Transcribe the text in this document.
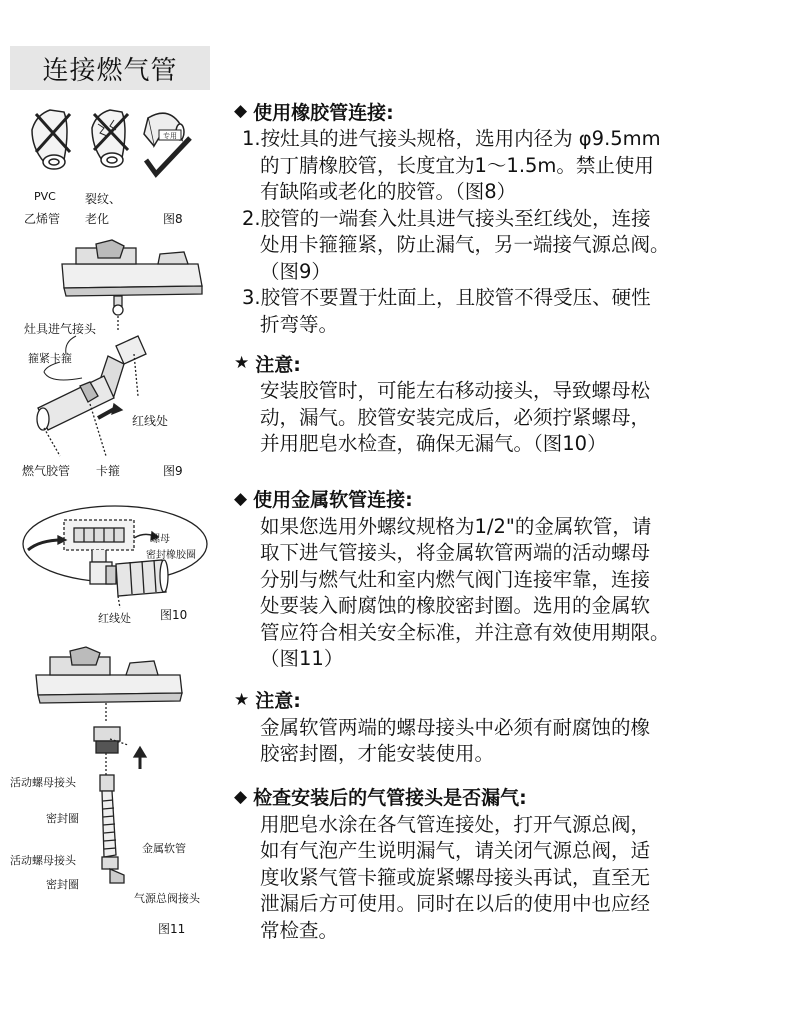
连接燃气管
专用
PVC
乙烯管
裂纹、
老化	图8
灶具进气接头
箍紧卡箍
红线处
燃气胶管 卡箍	图9
螺母
密封橡胶圈
红线处 图10
活动螺母接头
密封圈
金属软管
活动螺母接头
密封圈
气源总阀接头
图11
◆ 使用橡胶管连接:
1.按灶具的进气接头规格，选用内径为 φ9.5mm
的丁腈橡胶管，长度宜为1～1.5m。禁止使用
有缺陷或老化的胶管。（图8）
2.胶管的一端套入灶具进气接头至红线处，连接
处用卡箍箍紧，防止漏气，另一端接气源总阀。
（图9）
3.胶管不要置于灶面上，且胶管不得受压、硬性
折弯等。
★ 注意:
安装胶管时，可能左右移动接头，导致螺母松
动，漏气。胶管安装完成后，必须拧紧螺母，
并用肥皂水检查，确保无漏气。（图10）
◆ 使用金属软管连接:
如果您选用外螺纹规格为1/2"的金属软管，请
取下进气管接头，将金属软管两端的活动螺母
分别与燃气灶和室内燃气阀门连接牢靠，连接
处要装入耐腐蚀的橡胶密封圈。选用的金属软
管应符合相关安全标准，并注意有效使用期限。
（图11）
★ 注意:
金属软管两端的螺母接头中必须有耐腐蚀的橡
胶密封圈，才能安装使用。
◆ 检查安装后的气管接头是否漏气:
用肥皂水涂在各气管连接处，打开气源总阀，
如有气泡产生说明漏气，请关闭气源总阀，适
度收紧气管卡箍或旋紧螺母接头再试，直至无
泄漏后方可使用。同时在以后的使用中也应经
常检查。
